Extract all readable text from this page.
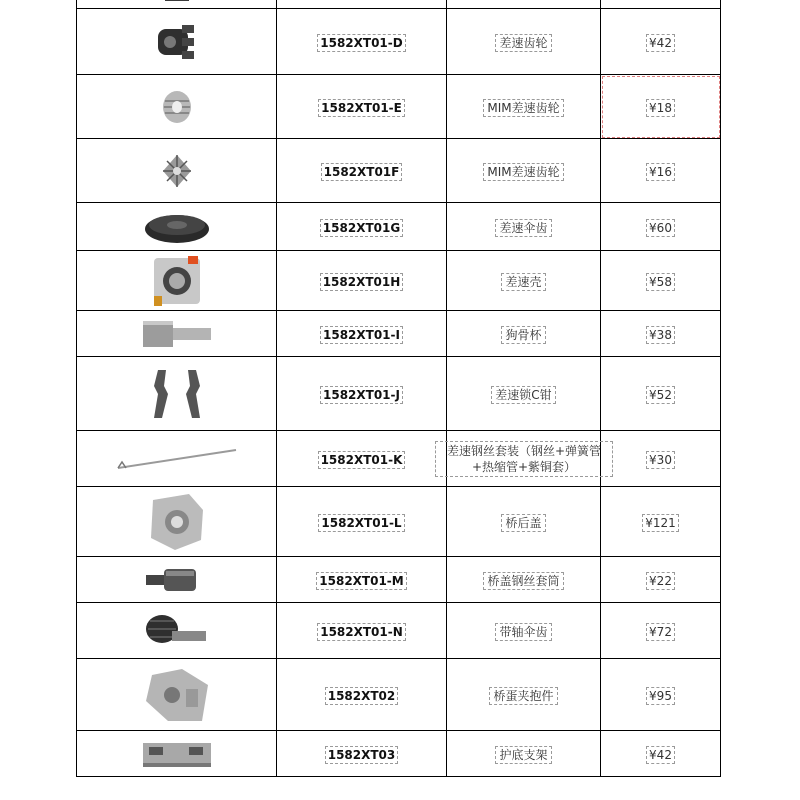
	1582XT01-D	差速齿轮	¥42

	1582XT01-E	MIM差速齿轮	¥18

	1582XT01F	MIM差速齿轮	¥16

	1582XT01G	差速伞齿	¥60

	1582XT01H	差速壳	¥58

	1582XT01-I	狗骨杯	¥38

	1582XT01-J	差速锁C钳	¥52

	1582XT01-K	差速钢丝套装（钢丝+弹簧管+热缩管+紫铜套）	¥30

	1582XT01-L	桥后盖	¥121

	1582XT01-M	桥盖钢丝套筒	¥22

	1582XT01-N	带轴伞齿	¥72

	1582XT02	桥蛋夹抱件	¥95

	1582XT03	护底支架	¥42
